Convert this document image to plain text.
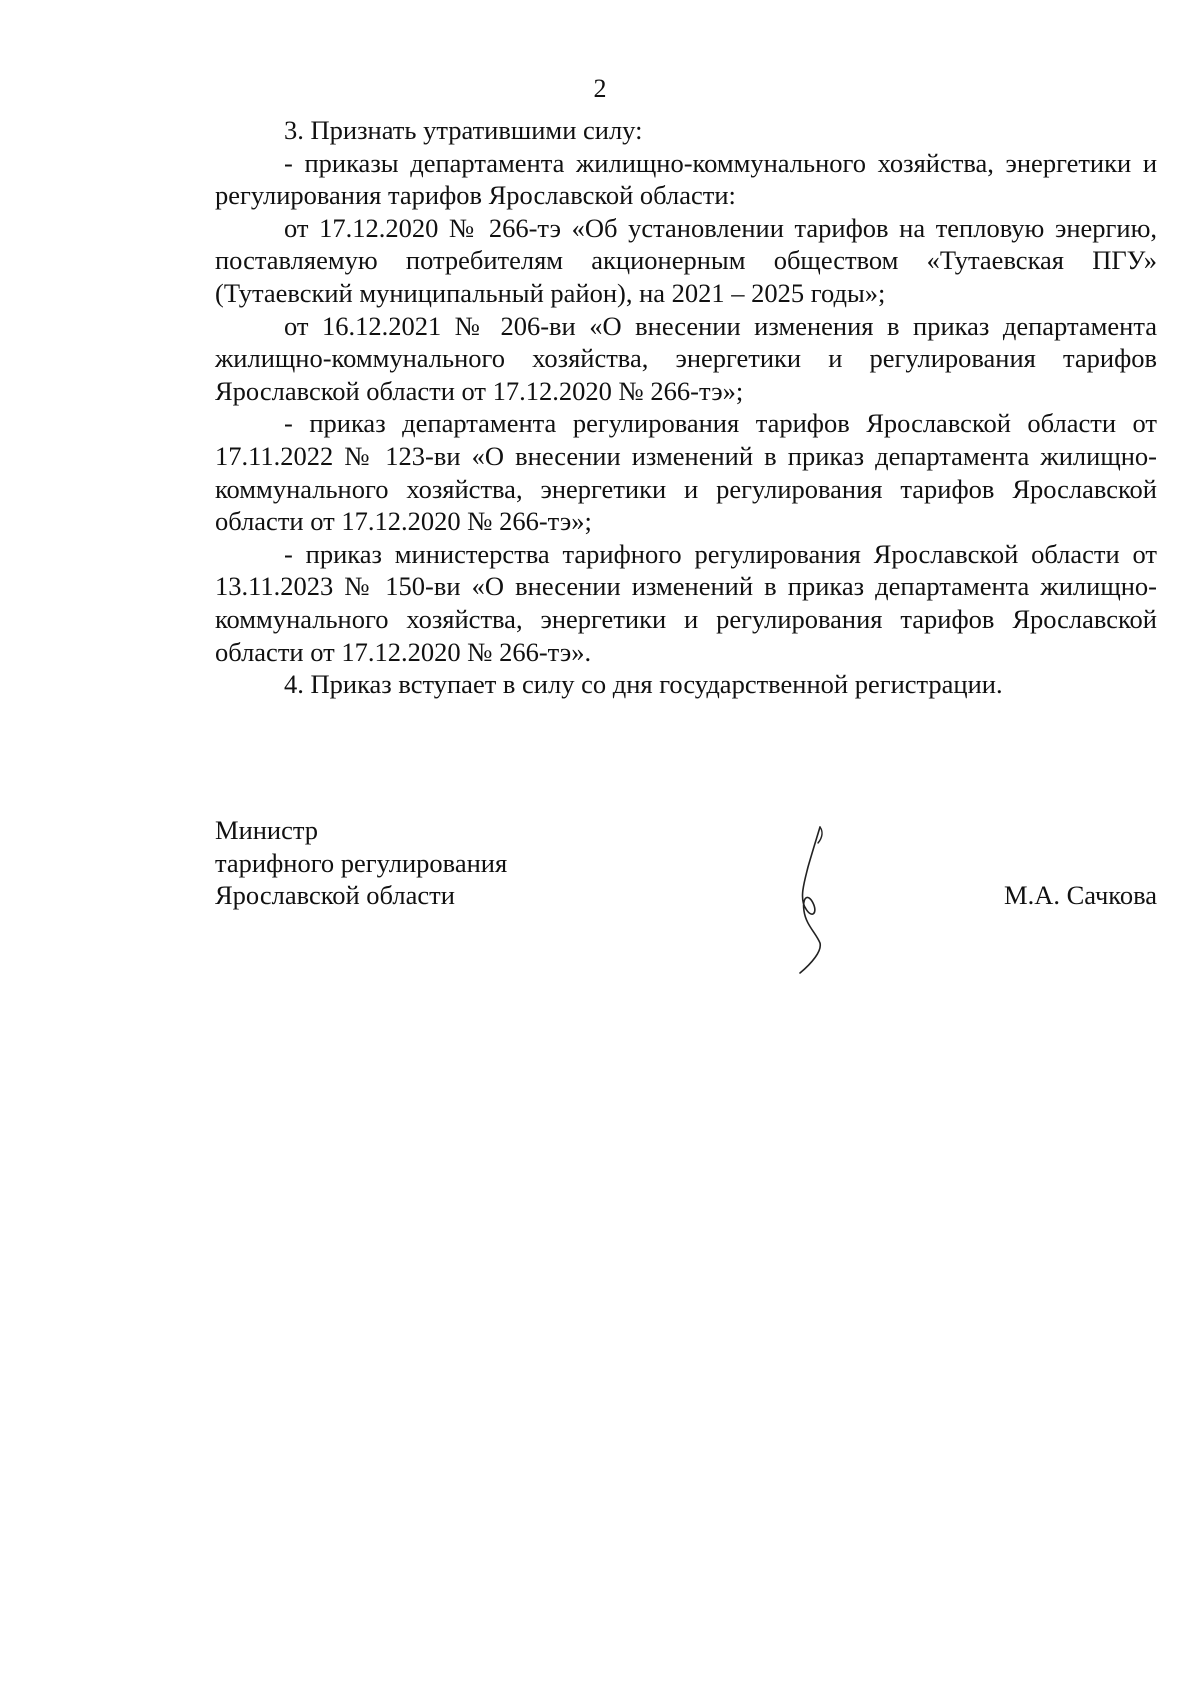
2

3. Признать утратившими силу:

- приказы департамента жилищно-коммунального хозяйства, энергетики и регулирования тарифов Ярославской области:

от 17.12.2020 № 266-тэ «Об установлении тарифов на тепловую энергию, поставляемую потребителям акционерным обществом «Тутаевская ПГУ» (Тутаевский муниципальный район), на 2021 – 2025 годы»;

от 16.12.2021 № 206-ви «О внесении изменения в приказ департамента жилищно-коммунального хозяйства, энергетики и регулирования тарифов Ярославской области от 17.12.2020 № 266-тэ»;

- приказ департамента регулирования тарифов Ярославской области от 17.11.2022 № 123-ви «О внесении изменений в приказ департамента жилищно-коммунального хозяйства, энергетики и регулирования тарифов Ярославской области от 17.12.2020 № 266-тэ»;

- приказ министерства тарифного регулирования Ярославской области от 13.11.2023 № 150-ви «О внесении изменений в приказ департамента жилищно-коммунального хозяйства, энергетики и регулирования тарифов Ярославской области от 17.12.2020 № 266-тэ».

4. Приказ вступает в силу со дня государственной регистрации.

Министр
тарифного регулирования
Ярославской области	М.А. Сачкова
